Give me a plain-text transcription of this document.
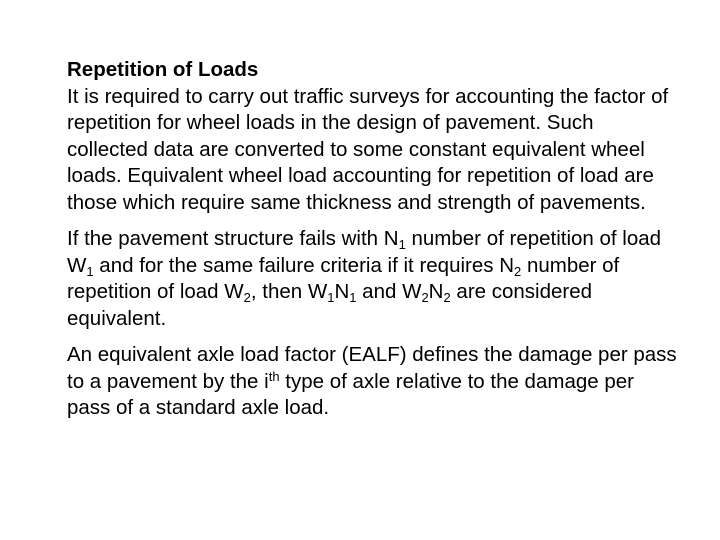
Repetition of Loads
It is required to carry out traffic surveys for accounting the factor of repetition for wheel loads in the design of pavement. Such collected data are converted to some constant equivalent wheel loads. Equivalent wheel load accounting for repetition of load are those which require same thickness and strength of pavements.

If the pavement structure fails with $N_1$ number of repetition of load $W_1$ and for the same failure criteria if it requires $N_2$ number of repetition of load $W_2$, then $W_1N_1$ and $W_2N_2$ are considered equivalent.

An equivalent axle load factor (EALF) defines the damage per pass to a pavement by the $i^{th}$ type of axle relative to the damage per pass of a standard axle load.
